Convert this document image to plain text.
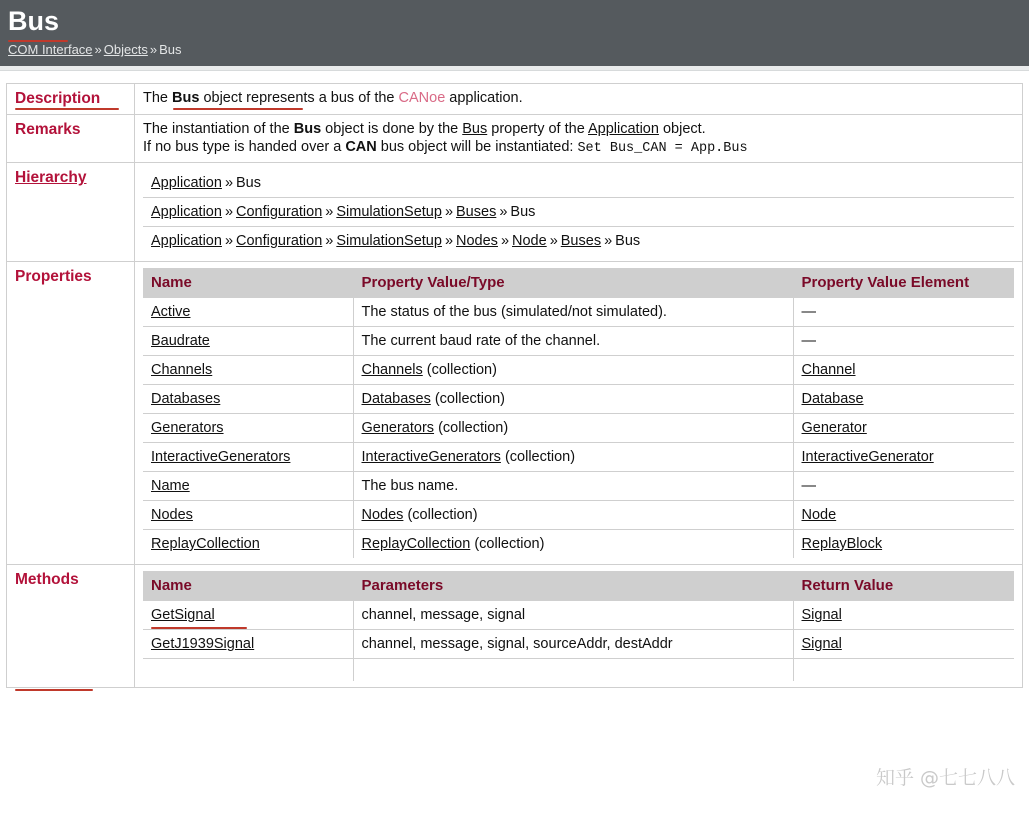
Bus
COM Interface » Objects » Bus
Description	The Bus object represents a bus of the CANoe application.

Remarks	The instantiation of the Bus object is done by the Bus property of the Application object.
If no bus type is handed over a CAN bus object will be instantiated: Set Bus_CAN = App.Bus

Hierarchy		Application » Bus
Application » Configuration » SimulationSetup » Buses » Bus
Application » Configuration » SimulationSetup » Nodes » Node » Buses » Bus

Properties		Name	Property Value/Type	Property Value Element
Active	The status of the bus (simulated/not simulated).	—
Baudrate	The current baud rate of the channel.	—
Channels	Channels (collection)	Channel
Databases	Databases (collection)	Database
Generators	Generators (collection)	Generator
InteractiveGenerators	InteractiveGenerators (collection)	InteractiveGenerator
Name	The bus name.	—
Nodes	Nodes (collection)	Node
ReplayCollection	ReplayCollection (collection)	ReplayBlock

Methods
		Name	Parameters	Return Value
GetSignal	channel, message, signal	Signal
GetJ1939Signal	channel, message, signal, sourceAddr, destAddr	Signal

知乎 @七七八八
